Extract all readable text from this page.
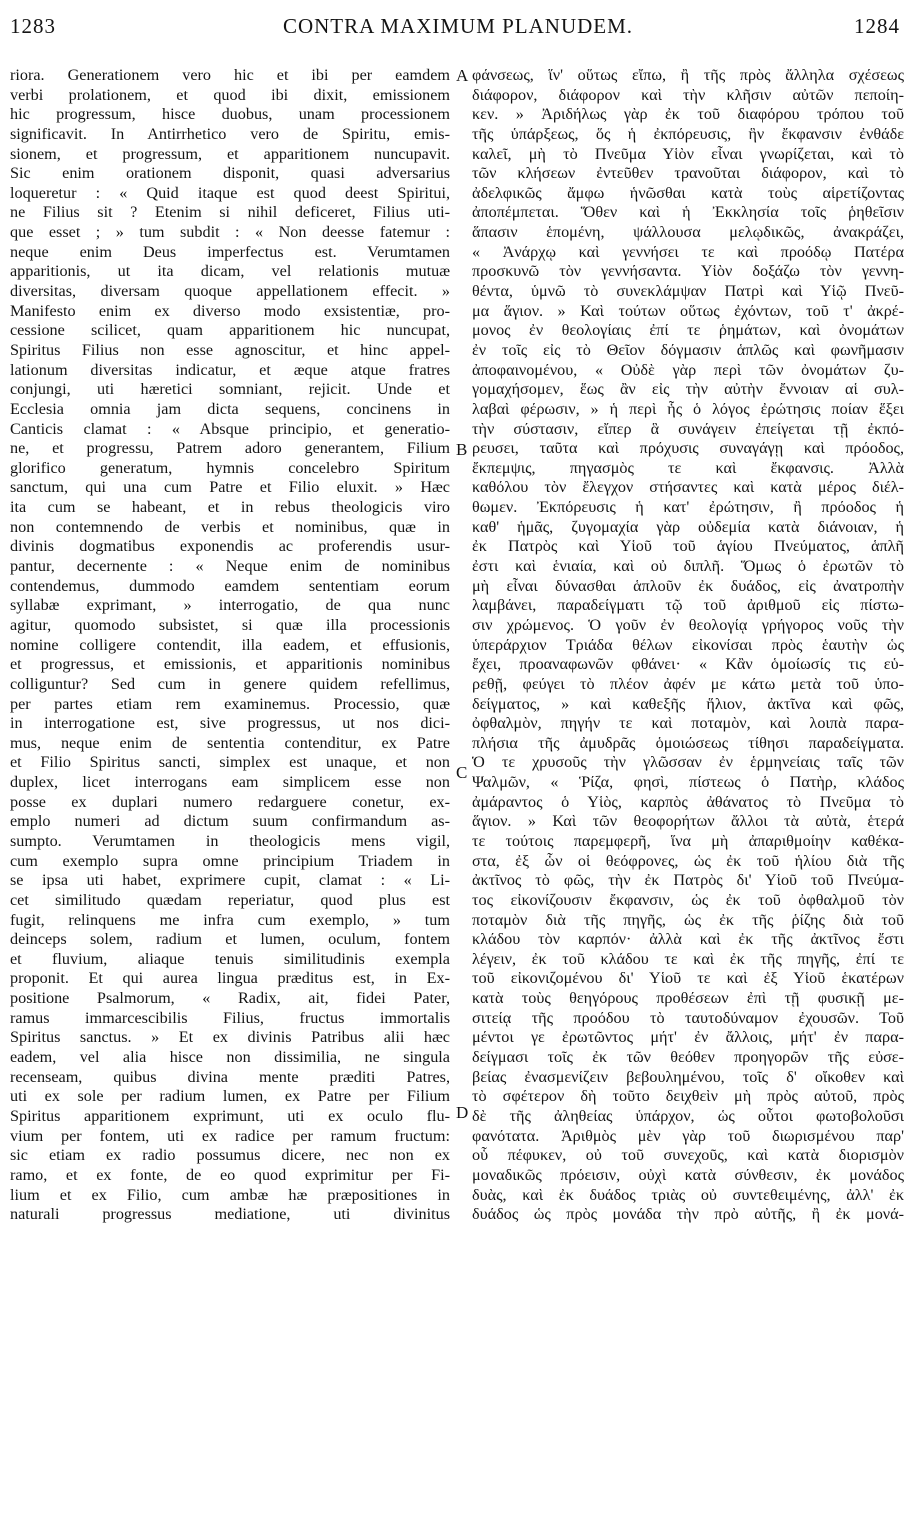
1283	CONTRA MAXIMUM PLANUDEM.	1284
riora. Generationem vero hic et ibi per eamdem
verbi prolationem, et quod ibi dixit, emissionem
hic progressum, hisce duobus, unam processionem
significavit. In Antirrhetico vero de Spiritu, emis-
sionem, et progressum, et apparitionem nuncupavit.
Sic enim orationem disponit, quasi adversarius
loqueretur : « Quid itaque est quod deest Spiritui,
ne Filius sit ? Etenim si nihil deficeret, Filius uti-
que esset ; » tum subdit : « Non deesse fatemur :
neque enim Deus imperfectus est. Verumtamen
apparitionis, ut ita dicam, vel relationis mutuæ
diversitas, diversam quoque appellationem effecit. »
Manifesto enim ex diverso modo exsistentiæ, pro-
cessione scilicet, quam apparitionem hic nuncupat,
Spiritus Filius non esse agnoscitur, et hinc appel-
lationum diversitas indicatur, et æque atque fratres
conjungi, uti hæretici somniant, rejicit. Unde et
Ecclesia omnia jam dicta sequens, concinens in
Canticis clamat : « Absque principio, et generatio-
ne, et progressu, Patrem adoro generantem, Filium
glorifico generatum, hymnis concelebro Spiritum
sanctum, qui una cum Patre et Filio eluxit. » Hæc
ita cum se habeant, et in rebus theologicis viro
non contemnendo de verbis et nominibus, quæ in
divinis dogmatibus exponendis ac proferendis usur-
pantur, decernente : « Neque enim de nominibus
contendemus, dummodo eamdem sententiam eorum
syllabæ exprimant, » interrogatio, de qua nunc
agitur, quomodo subsistet, si quæ illa processionis
nomine colligere contendit, illa eadem, et effusionis,
et progressus, et emissionis, et apparitionis nominibus
colliguntur? Sed cum in genere quidem refellimus,
per partes etiam rem examinemus. Processio, quæ
in interrogatione est, sive progressus, ut nos dici-
mus, neque enim de sententia contenditur, ex Patre
et Filio Spiritus sancti, simplex est unaque, et non
duplex, licet interrogans eam simplicem esse non
posse ex duplari numero redarguere conetur, ex-
emplo numeri ad dictum suum confirmandum as-
sumpto. Verumtamen in theologicis mens vigil,
cum exemplo supra omne principium Triadem in
se ipsa uti habet, exprimere cupit, clamat : « Li-
cet similitudo quædam reperiatur, quod plus est
fugit, relinquens me infra cum exemplo, » tum
deinceps solem, radium et lumen, oculum, fontem
et fluvium, aliaque tenuis similitudinis exempla
proponit. Et qui aurea lingua præditus est, in Ex-
positione Psalmorum, « Radix, ait, fidei Pater,
ramus immarcescibilis Filius, fructus immortalis
Spiritus sanctus. » Et ex divinis Patribus alii hæc
eadem, vel alia hisce non dissimilia, ne singula
recenseam, quibus divina mente præditi Patres,
uti ex sole per radium lumen, ex Patre per Filium
Spiritus apparitionem exprimunt, uti ex oculo flu-
vium per fontem, uti ex radice per ramum fructum:
sic etiam ex radio possumus dicere, nec non ex
ramo, et ex fonte, de eo quod exprimitur per Fi-
lium et ex Filio, cum ambæ hæ præpositiones in
naturali progressus mediatione, uti divinitus
φάνσεως, ἵν' οὕτως εἴπω, ἢ τῆς πρὸς ἄλληλα σχέσεως
διάφορον, διάφορον καὶ τὴν κλῆσιν αὐτῶν πεποίη-
κεν. » Ἀριδήλως γὰρ ἐκ τοῦ διαφόρου τρόπου τοῦ
τῆς ὑπάρξεως, ὅς ἡ ἐκπόρευσις, ἣν ἔκφανσιν ἐνθάδε
καλεῖ, μὴ τὸ Πνεῦμα Υἱὸν εἶναι γνωρίζεται, καὶ τὸ
τῶν κλήσεων ἐντεῦθεν τρανοῦται διάφορον, καὶ τὸ
ἀδελφικῶς ἄμφω ἡνῶσθαι κατὰ τοὺς αἱρετίζοντας
ἀποπέμπεται. Ὅθεν καὶ ἡ Ἐκκλησία τοῖς ῥηθεῖσιν
ἅπασιν ἑπομένη, ψάλλουσα μελῳδικῶς, ἀνακράζει,
« Ἀνάρχῳ καὶ γεννήσει τε καὶ προόδῳ Πατέρα
προσκυνῶ τὸν γεννήσαντα. Υἱὸν δοξάζω τὸν γεννη-
θέντα, ὑμνῶ τὸ συνεκλάμψαν Πατρὶ καὶ Υἱῷ Πνεῦ-
μα ἅγιον. » Καὶ τούτων οὕτως ἐχόντων, τοῦ τ' ἀκρέ-
μονος ἐν θεολογίαις ἐπί τε ῥημάτων, καὶ ὀνομάτων
ἐν τοῖς εἰς τὸ Θεῖον δόγμασιν ἁπλῶς καὶ φωνῆμασιν
ἀποφαινομένου, « Οὐδὲ γὰρ περὶ τῶν ὀνομάτων ζυ-
γομαχήσομεν, ἕως ἂν εἰς τὴν αὐτὴν ἔννοιαν αἱ συλ-
λαβαὶ φέρωσιν, » ἡ περὶ ἧς ὁ λόγος ἐρώτησις ποίαν ἕξει
τὴν σύστασιν, εἴπερ ἃ συνάγειν ἐπείγεται τῇ ἐκπό-
ρευσει, ταῦτα καὶ πρόχυσις συναγάγῃ καὶ πρόοδος,
ἔκπεμψις, πηγασμὸς τε καὶ ἔκφανσις. Ἀλλὰ
καθόλου τὸν ἔλεγχον στήσαντες καὶ κατὰ μέρος διέλ-
θωμεν. Ἐκπόρευσις ἡ κατ' ἐρώτησιν, ἢ πρόοδος ἡ
καθ' ἡμᾶς, ζυγομαχία γὰρ οὐδεμία κατὰ διάνοιαν, ἡ
ἐκ Πατρὸς καὶ Υἱοῦ τοῦ ἁγίου Πνεύματος, ἁπλῆ
ἐστι καὶ ἑνιαία, καὶ οὐ διπλῆ. Ὅμως ὁ ἐρωτῶν τὸ
μὴ εἶναι δύνασθαι ἁπλοῦν ἐκ δυάδος, εἰς ἀνατροπὴν
λαμβάνει, παραδείγματι τῷ τοῦ ἀριθμοῦ εἰς πίστω-
σιν χρώμενος. Ὁ γοῦν ἐν θεολογίᾳ γρήγορος νοῦς τὴν
ὑπεράρχιον Τριάδα θέλων εἰκονίσαι πρὸς ἑαυτὴν ὡς
ἔχει, προαναφωνῶν φθάνει· « Κἂν ὁμοίωσίς τις εὑ-
ρεθῇ, φεύγει τὸ πλέον ἀφέν με κάτω μετὰ τοῦ ὑπο-
δείγματος, » καὶ καθεξῆς ἥλιον, ἀκτῖνα καὶ φῶς,
ὀφθαλμὸν, πηγήν τε καὶ ποταμὸν, καὶ λοιπὰ παρα-
πλήσια τῆς ἀμυδρᾶς ὁμοιώσεως τίθησι παραδείγματα.
Ὁ τε χρυσοῦς τὴν γλῶσσαν ἐν ἑρμηνείαις ταῖς τῶν
Ψαλμῶν, « Ῥίζα, φησὶ, πίστεως ὁ Πατὴρ, κλάδος
ἀμάραντος ὁ Υἱὸς, καρπὸς ἀθάνατος τὸ Πνεῦμα τὸ
ἅγιον. » Καὶ τῶν θεοφορήτων ἄλλοι τὰ αὐτὰ, ἑτερά
τε τούτοις παρεμφερῆ, ἵνα μὴ ἀπαριθμοίην καθέκα-
στα, ἐξ ὧν οἱ θεόφρονες, ὡς ἐκ τοῦ ἡλίου διὰ τῆς
ἀκτῖνος τὸ φῶς, τὴν ἐκ Πατρὸς δι' Υἱοῦ τοῦ Πνεύμα-
τος εἰκονίζουσιν ἔκφανσιν, ὡς ἐκ τοῦ ὀφθαλμοῦ τὸν
ποταμὸν διὰ τῆς πηγῆς, ὡς ἐκ τῆς ῥίζης διὰ τοῦ
κλάδου τὸν καρπόν· ἀλλὰ καὶ ἐκ τῆς ἀκτῖνος ἔστι
λέγειν, ἐκ τοῦ κλάδου τε καὶ ἐκ τῆς πηγῆς, ἐπί τε
τοῦ εἰκονιζομένου δι' Υἱοῦ τε καὶ ἐξ Υἱοῦ ἑκατέρων
κατὰ τοὺς θεηγόρους προθέσεων ἐπὶ τῇ φυσικῇ με-
σιτείᾳ τῆς προόδου τὸ ταυτοδύναμον ἐχουσῶν. Τοῦ
μέντοι γε ἐρωτῶντος μήτ' ἐν ἄλλοις, μήτ' ἐν παρα-
δείγμασι τοῖς ἐκ τῶν θεόθεν προηγορῶν τῆς εὐσε-
βείας ἐνασμενίζειν βεβουλημένου, τοῖς δ' οἴκοθεν καὶ
τὸ σφέτερον δὴ τοῦτο δειχθεὶν μὴ πρὸς αὐτοῦ, πρὸς
δὲ τῆς ἀληθείας ὑπάρχον, ὡς οὗτοι φωτοβολοῦσι
φανότατα. Ἀριθμὸς μὲν γὰρ τοῦ διωρισμένου παρ'
οὗ πέφυκεν, οὐ τοῦ συνεχοῦς, καὶ κατὰ διορισμὸν
μοναδικῶς πρόεισιν, οὐχὶ κατὰ σύνθεσιν, ἐκ μονάδος
δυὰς, καὶ ἐκ δυάδος τριὰς οὐ συντεθειμένης, ἀλλ' ἐκ
δυάδος ὡς πρὸς μονάδα τὴν πρὸ αὐτῆς, ἢ ἐκ μονά-
A
B
C
D
